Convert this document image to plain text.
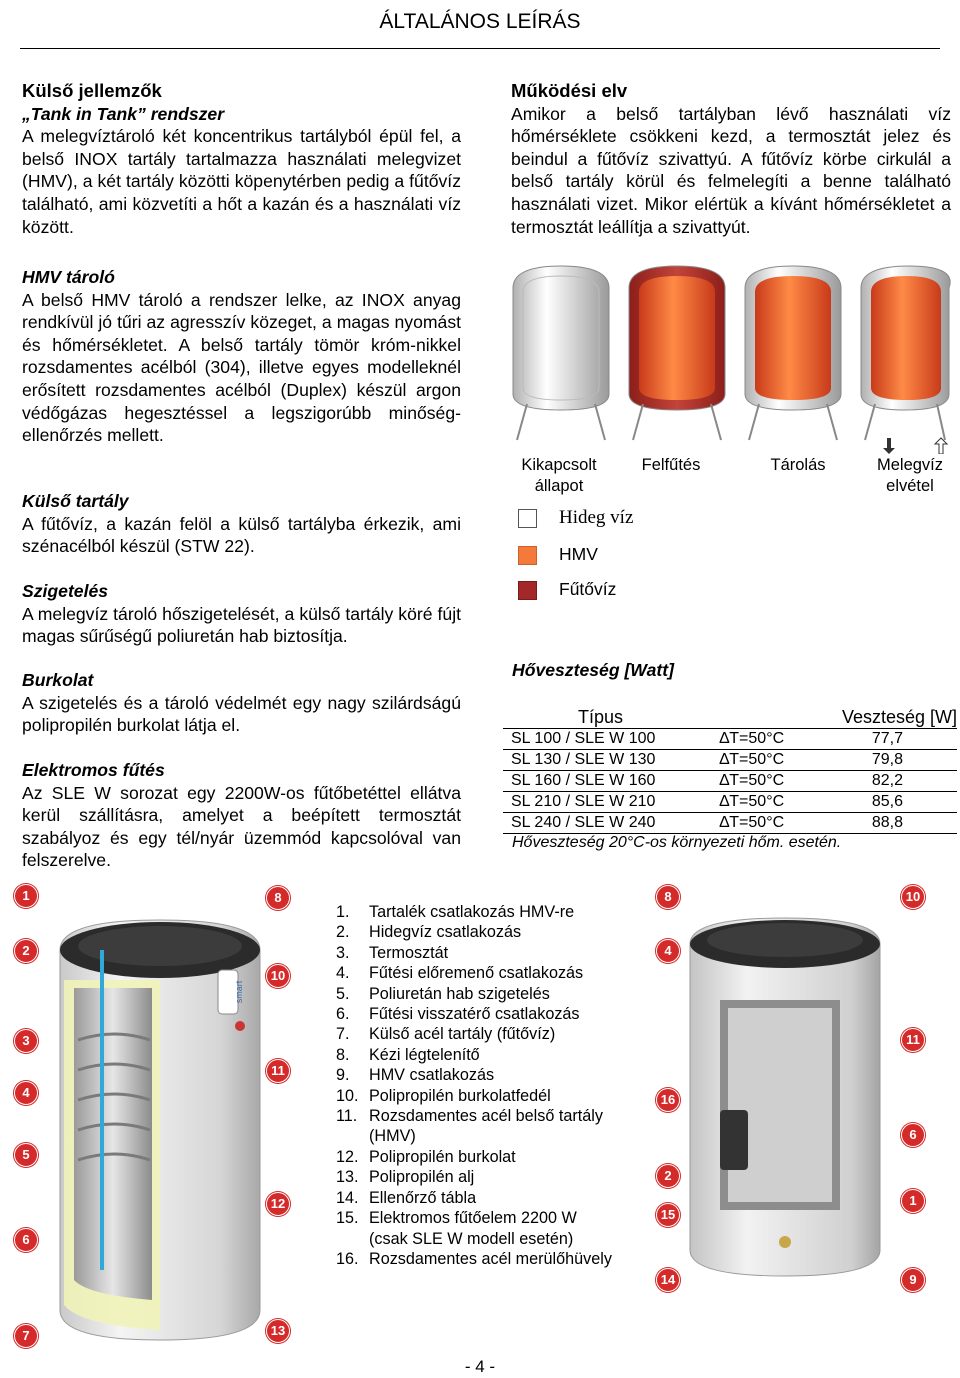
ÁLTALÁNOS LEÍRÁS

Külső jellemzők

„Tank in Tank” rendszer

A melegvíztároló két koncentrikus tartályból épül fel, a belső INOX tartály tartalmazza használati melegvizet (HMV), a két tartály közötti köpenytérben pedig a fűtővíz található, ami közvetíti a hőt a kazán és a használati víz között.

HMV tároló

A belső HMV tároló a rendszer lelke, az INOX anyag rendkívül jó tűri az agresszív közeget, a magas nyomást és hőmérsékletet. A belső tartály tömör króm-nikkel rozsdamentes acélból (304), illetve egyes modelleknél erősített rozsdamentes acélból (Duplex) készül argon védőgázas hegesztéssel a legszigorúbb minőség-ellenőrzés mellett.

Külső tartály

A fűtővíz, a kazán felöl a külső tartályba érkezik, ami szénacélból készül (STW 22).

Szigetelés

A melegvíz tároló hőszigetelését, a külső tartály köré fújt magas sűrűségű poliuretán hab biztosítja.

Burkolat

A szigetelés és a tároló védelmét egy nagy szilárdságú polipropilén burkolat látja el.

Elektromos fűtés

Az SLE W sorozat egy 2200W-os fűtőbetéttel ellátva kerül szállításra, amelyet a beépített termosztát szabályoz és egy tél/nyár üzemmód kapcsolóval van felszerelve.

Működési elv

Amikor a belső tartályban lévő használati víz hőmérséklete csökkeni kezd, a termosztát jelez és beindul a fűtővíz szivattyú. A fűtővíz körbe cirkulál a belső tartály körül és felmelegíti a benne található használati vizet. Mikor elértük a kívánt hőmérsékletet a termosztát leállítja a szivattyút.

Kikapcsolt állapot
Felfűtés	Tárolás	Melegvíz elvétel
Hideg víz
HMV
Fűtővíz
Hőveszteség [Watt]
Típus		Veszteség [W]
SL 100 / SLE W 100	∆T=50°C	77,7
SL 130 / SLE W 130	∆T=50°C	79,8
SL 160 / SLE W 160	∆T=50°C	82,2
SL 210 / SLE W 210	∆T=50°C	85,6
SL 240 / SLE W 240	∆T=50°C	88,8
Hőveszteség 20°C-os környezeti hőm. esetén.
smart
1
2
3
4
5
6
7
8
10
11
12
13
1. Tartalék csatlakozás HMV-re
2. Hidegvíz csatlakozás
3. Termosztát
4. Fűtési előremenő csatlakozás
5. Poliuretán hab szigetelés
6. Fűtési visszatérő csatlakozás
7. Külső acél tartály (fűtővíz)
8. Kézi légtelenítő
9. HMV csatlakozás
10. Polipropilén burkolatfedél
11. Rozsdamentes acél belső tartály
(HMV)
12. Polipropilén burkolat
13. Polipropilén alj
14. Ellenőrző tábla
15. Elektromos fűtőelem 2200 W
(csak SLE W modell esetén)
16. Rozsdamentes acél merülőhüvely
8	10
4
11
16
6
2
1
15
14	9
- 4 -
